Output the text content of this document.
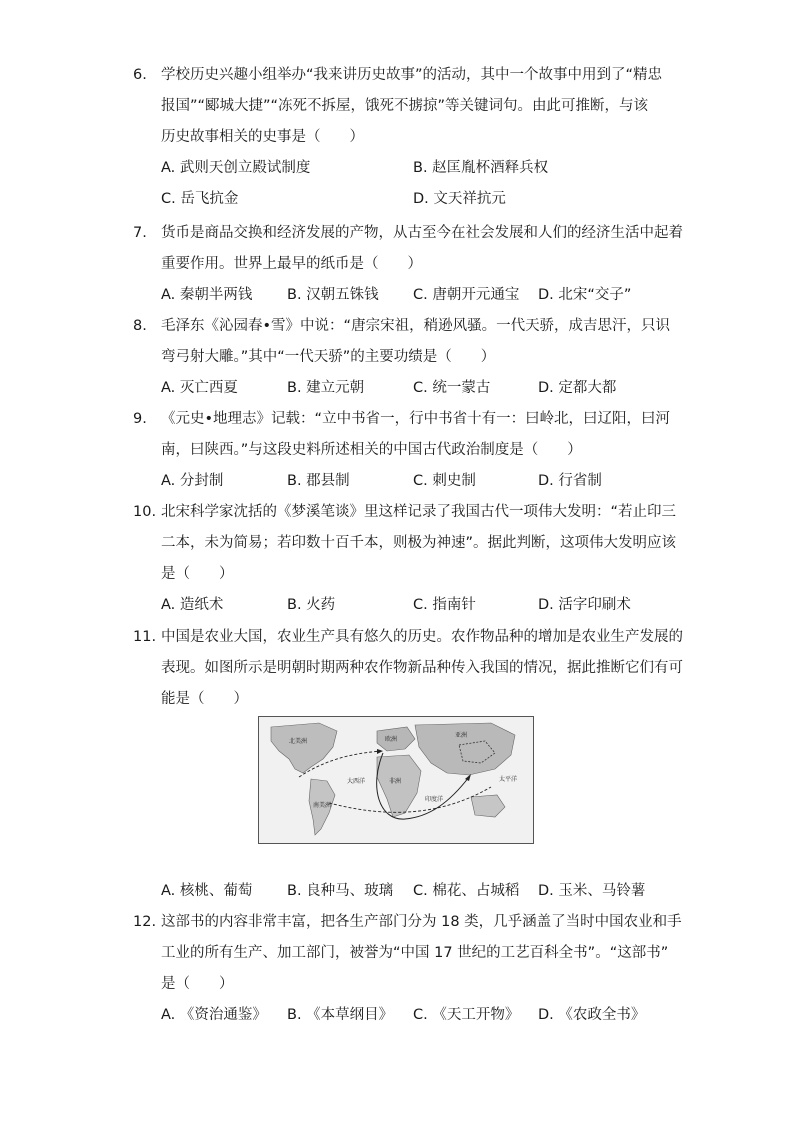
6. 学校历史兴趣小组举办“我来讲历史故事”的活动，其中一个故事中用到了“精忠
报国”“郾城大捷”“冻死不拆屋，饿死不掳掠”等关键词句。由此可推断，与该
历史故事相关的史事是（　　）
A. 武则天创立殿试制度	B. 赵匡胤杯酒释兵权
C. 岳飞抗金	D. 文天祥抗元
7. 货币是商品交换和经济发展的产物，从古至今在社会发展和人们的经济生活中起着
重要作用。世界上最早的纸币是（　　）
A. 秦朝半两钱 B. 汉朝五铢钱 C. 唐朝开元通宝 D. 北宋“交子”
8. 毛泽东《沁园春•雪》中说：“唐宗宋祖，稍逊风骚。一代天骄，成吉思汗，只识
弯弓射大雕。”其中“一代天骄”的主要功绩是（　　）
A. 灭亡西夏	B. 建立元朝	C. 统一蒙古	D. 定都大都
9. 《元史•地理志》记载：“立中书省一，行中书省十有一：曰岭北，曰辽阳，曰河
南，曰陕西。”与这段史料所述相关的中国古代政治制度是（　　）
A. 分封制	B. 郡县制	C. 刺史制	D. 行省制
10. 北宋科学家沈括的《梦溪笔谈》里这样记录了我国古代一项伟大发明：“若止印三
二本，未为简易；若印数十百千本，则极为神速”。据此判断，这项伟大发明应该
是（　　）
A. 造纸术	B. 火药	C. 指南针	D. 活字印刷术
11. 中国是农业大国，农业生产具有悠久的历史。农作物品种的增加是农业生产发展的
表现。如图所示是明朝时期两种农作物新品种传入我国的情况，据此推断它们有可
能是（　　）
北美洲	欧洲
亚洲
非洲
南美洲
大西洋
印度洋
太平洋
A. 核桃、葡萄 B. 良种马、玻璃 C. 棉花、占城稻 D. 玉米、马铃薯
12. 这部书的内容非常丰富，把各生产部门分为 18 类，几乎涵盖了当时中国农业和手
工业的所有生产、加工部门，被誉为“中国 17 世纪的工艺百科全书”。“这部书”
是（　　）
A. 《资治通鉴》 B. 《本草纲目》 C. 《天工开物》 D. 《农政全书》
